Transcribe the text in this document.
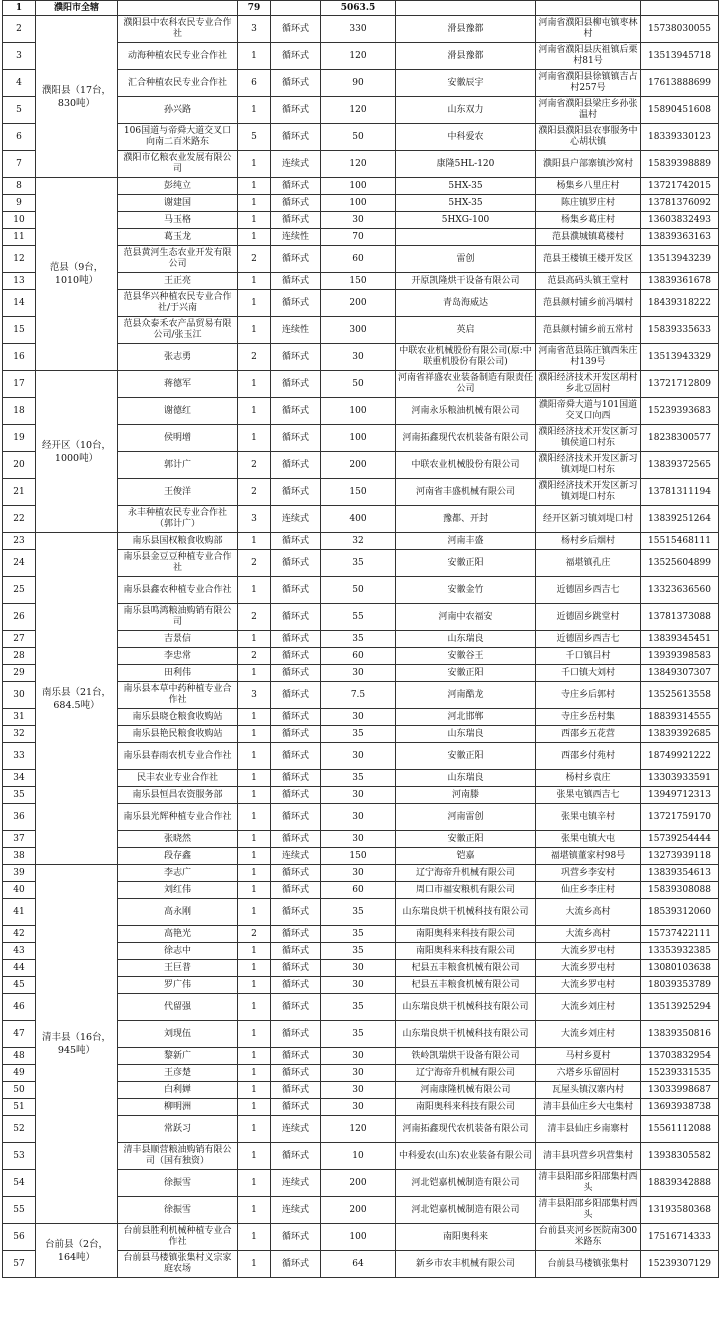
1	濮阳市全辖		79		5063.5			
2	濮阳县（17台，830吨）	濮阳县中农科农民专业合作社	3	循环式	330	滑县豫都	河南省濮阳县柳屯镇枣林村	15738030055
3		动海种植农民专业合作社	1	循环式	120	滑县豫都	河南省濮阳县庆祖镇后栗村81号	13513945718
4		汇合种植农民专业合作社	6	循环式	90	安徽辰宇	河南省濮阳县徐镇镇吉占村257号	17613888699
5		孙兴路	1	循环式	120	山东双力	河南省濮阳县梁庄乡孙张温村	15890451608
6		106国道与帝舜大道交叉口向南二百米路东	5	循环式	50	中科爱农	濮阳县濮阳县农事服务中心胡状镇	18339330123
7		濮阳市亿粮农业发展有限公司	1	连续式	120	康隆5HL-120	濮阳县户部寨镇沙窝村	15839398889
8	范县（9台，1010吨）	彭纯立	1	循环式	100	5HX-35	杨集乡八里庄村	13721742015
9		谢建国	1	循环式	100	5HX-35	陈庄镇罗庄村	13781376092
10		马玉格	1	循环式	30	5HXG-100	杨集乡葛庄村	13603832493
11		葛玉龙	1	连续性	70		范县濮城镇葛楼村	13839363163
12		范县黄河生态农业开发有限公司	2	循环式	60	雷创	范县王楼镇王楼开发区	13513943239
13		王正亮	1	循环式	150	开原凯隆烘干设备有限公司	范县高码头镇王堂村	13839361678
14		范县华兴种植农民专业合作社/于兴南	1	循环式	200	青岛海威达	范县颜村铺乡前冯堌村	18439318222
15		范县众泰禾农产品贸易有限公司/张玉江	1	连续性	300	英启	范县颜村铺乡前五常村	15839335633
16		张志勇	2	循环式	30	中联农业机械股份有限公司(原:中联重机股份有限公司)	河南省范县陈庄镇西朱庄村139号	13513943329
17	经开区（10台，1000吨）	蒋德军	1	循环式	50	河南省祥盛农业装备制造有限责任公司	濮阳经济技术开发区胡村乡北豆固村	13721712809
18		谢德红	1	循环式	100	河南永乐粮油机械有限公司	濮阳帝舜大道与101国道交叉口向西	15239393683
19		侯明增	1	循环式	100	河南拓鑫现代农机装备有限公司	濮阳经济技术开发区新习镇侯道口村东	18238300577
20		郭计广	2	循环式	200	中联农业机械股份有限公司	濮阳经济技术开发区新习镇刘堤口村东	13839372565
21		王俊洋	2	循环式	150	河南省丰盛机械有限公司	濮阳经济技术开发区新习镇刘堤口村东	13781311194
22		永丰种植农民专业合作社（郭计广）	3	连续式	400	豫都、开封	经开区新习镇刘堤口村	13839251264
23	南乐县（21台，684.5吨）	南乐县国权粮食收购部	1	循环式	32	河南丰盛	杨村乡后烟村	15515468111
24		南乐县金豆豆种植专业合作社	2	循环式	35	安徽正阳	福堪镇孔庄	13525604899
25		南乐县鑫农种植专业合作社	1	循环式	50	安徽金竹	近德固乡西吉七	13323636560
26		南乐县鸣鸿粮油购销有限公司	2	循环式	55	河南中农福安	近德固乡跳堂村	13781373088
27		吉景信	1	循环式	35	山东瑞良	近德固乡西吉七	13839345451
28		李忠常	2	循环式	60	安徽谷王	千口镇吕村	13939398583
29		田利伟	1	循环式	30	安徽正阳	千口镇大刘村	13849307307
30		南乐县本草中药种植专业合作社	3	循环式	7.5	河南酷龙	寺庄乡后郭村	13525613558
31		南乐县晓仓粮食收购站	1	循环式	30	河北邯郸	寺庄乡岳村集	18839314555
32		南乐县艳民粮食收购站	1	循环式	35	山东瑞良	西邵乡五花营	13839392685
33		南乐县春雨农机专业合作社	1	循环式	30	安徽正阳	西邵乡付苑村	18749921222
34		民丰农业专业合作社	1	循环式	35	山东瑞良	杨村乡袁庄	13303933591
35		南乐县恒昌农资服务部	1	循环式	30	河南滕	张果屯镇西吉七	13949712313
36		南乐县光辉种植专业合作社	1	循环式	30	河南雷创	张果屯镇辛村	13721759170
37		张晓然	1	循环式	30	安徽正阳	张果屯镇大屯	15739254444
38		段存鑫	1	连续式	150	铠嘉	福堪镇董家村98号	13273939118
39	清丰县（16台，945吨）	李志广	1	循环式	30	辽宁海帝升机械有限公司	巩营乡李安村	13839354613
40		刘红伟	1	循环式	60	周口市福安粮机有限公司	仙庄乡李庄村	15839308088
41		高永刚	1	循环式	35	山东瑞良烘干机械科技有限公司	大流乡高村	18539312060
42		高艳光	2	循环式	35	南阳奥科来科技有限公司	大流乡高村	15737422111
43		徐志中	1	循环式	35	南阳奥科来科技有限公司	大流乡罗屯村	13353932385
44		王巨普	1	循环式	30	杞县五丰粮食机械有限公司	大流乡罗屯村	13080103638
45		罗广伟	1	循环式	30	杞县五丰粮食机械有限公司	大流乡罗屯村	18039353789
46		代留强	1	循环式	35	山东瑞良烘干机械科技有限公司	大流乡刘庄村	13513925294
47		刘现伍	1	循环式	35	山东瑞良烘干机械科技有限公司	大流乡刘庄村	13839350816
48		黎新广	1	循环式	30	铁岭凯瑞烘干设备有限公司	马村乡夏村	13703832954
49		王彦楚	1	循环式	30	辽宁海帝升机械有限公司	六塔乡乐留固村	15239331535
50		白利婵	1	循环式	30	河南康隆机械有限公司	瓦屋头镇汉寨内村	13033998687
51		柳明洲	1	循环式	30	南阳奥科来科技有限公司	清丰县仙庄乡大屯集村	13693938738
52		常跃习	1	连续式	120	河南拓鑫现代农机装备有限公司	清丰县仙庄乡南寨村	15561112088
53		清丰县顺营粮油购销有限公司（国有独资）	1	循环式	10	中科爱农(山东)农业装备有限公司	清丰县巩营乡巩营集村	13938305582
54		徐振雪	1	连续式	200	河北铠嘉机械制造有限公司	清丰县阳邵乡阳邵集村西头	18839342888
55		徐振雪	1	连续式	200	河北铠嘉机械制造有限公司	清丰县阳邵乡阳邵集村西头	13193580368
56	台前县（2台，164吨）	台前县胜利机械种植专业合作社	1	循环式	100	南阳奥科来	台前县夹河乡医院南300米路东	17516714333
57		台前县马楼镇张集村义宗家庭农场	1	循环式	64	新乡市农丰机械有限公司	台前县马楼镇张集村	15239307129
